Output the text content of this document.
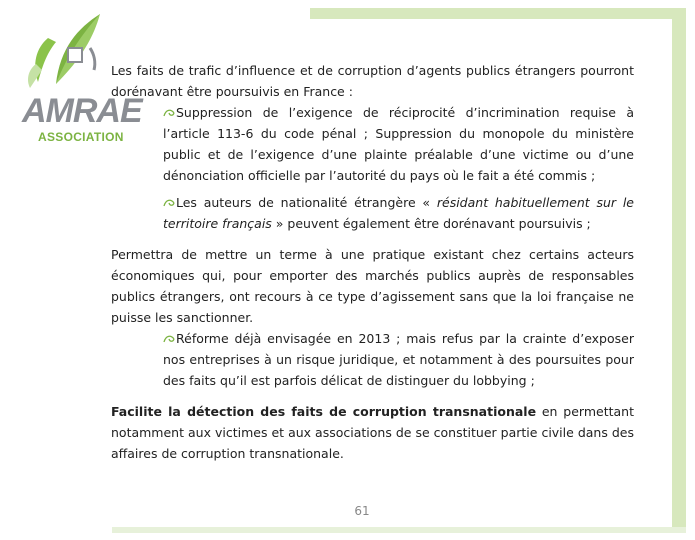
AMRAE
ASSOCIATION

Les faits de trafic d’influence et de corruption d’agents publics étrangers pourront dorénavant être poursuivis en France :

Suppression de l’exigence de réciprocité d’incrimination requise à l’article 113-6 du code pénal ; Suppression du monopole du ministère public et de l’exigence d’une plainte préalable d’une victime ou d’une dénonciation officielle par l’autorité du pays où le fait a été commis ;
Les auteurs de nationalité étrangère « résidant habituellement sur le territoire français » peuvent également être dorénavant poursuivis ;

Permettra de mettre un terme à une pratique existant chez certains acteurs économiques qui, pour emporter des marchés publics auprès de responsables publics étrangers, ont recours à ce type d’agissement sans que la loi française ne puisse les sanctionner.

Réforme déjà envisagée en 2013 ; mais refus par la crainte d’exposer nos entreprises à un risque juridique, et notamment à des poursuites pour des faits qu’il est parfois délicat de distinguer du lobbying ;

Facilite la détection des faits de corruption transnationale en permettant notamment aux victimes et aux associations de se constituer partie civile dans des affaires de corruption transnationale.

61
